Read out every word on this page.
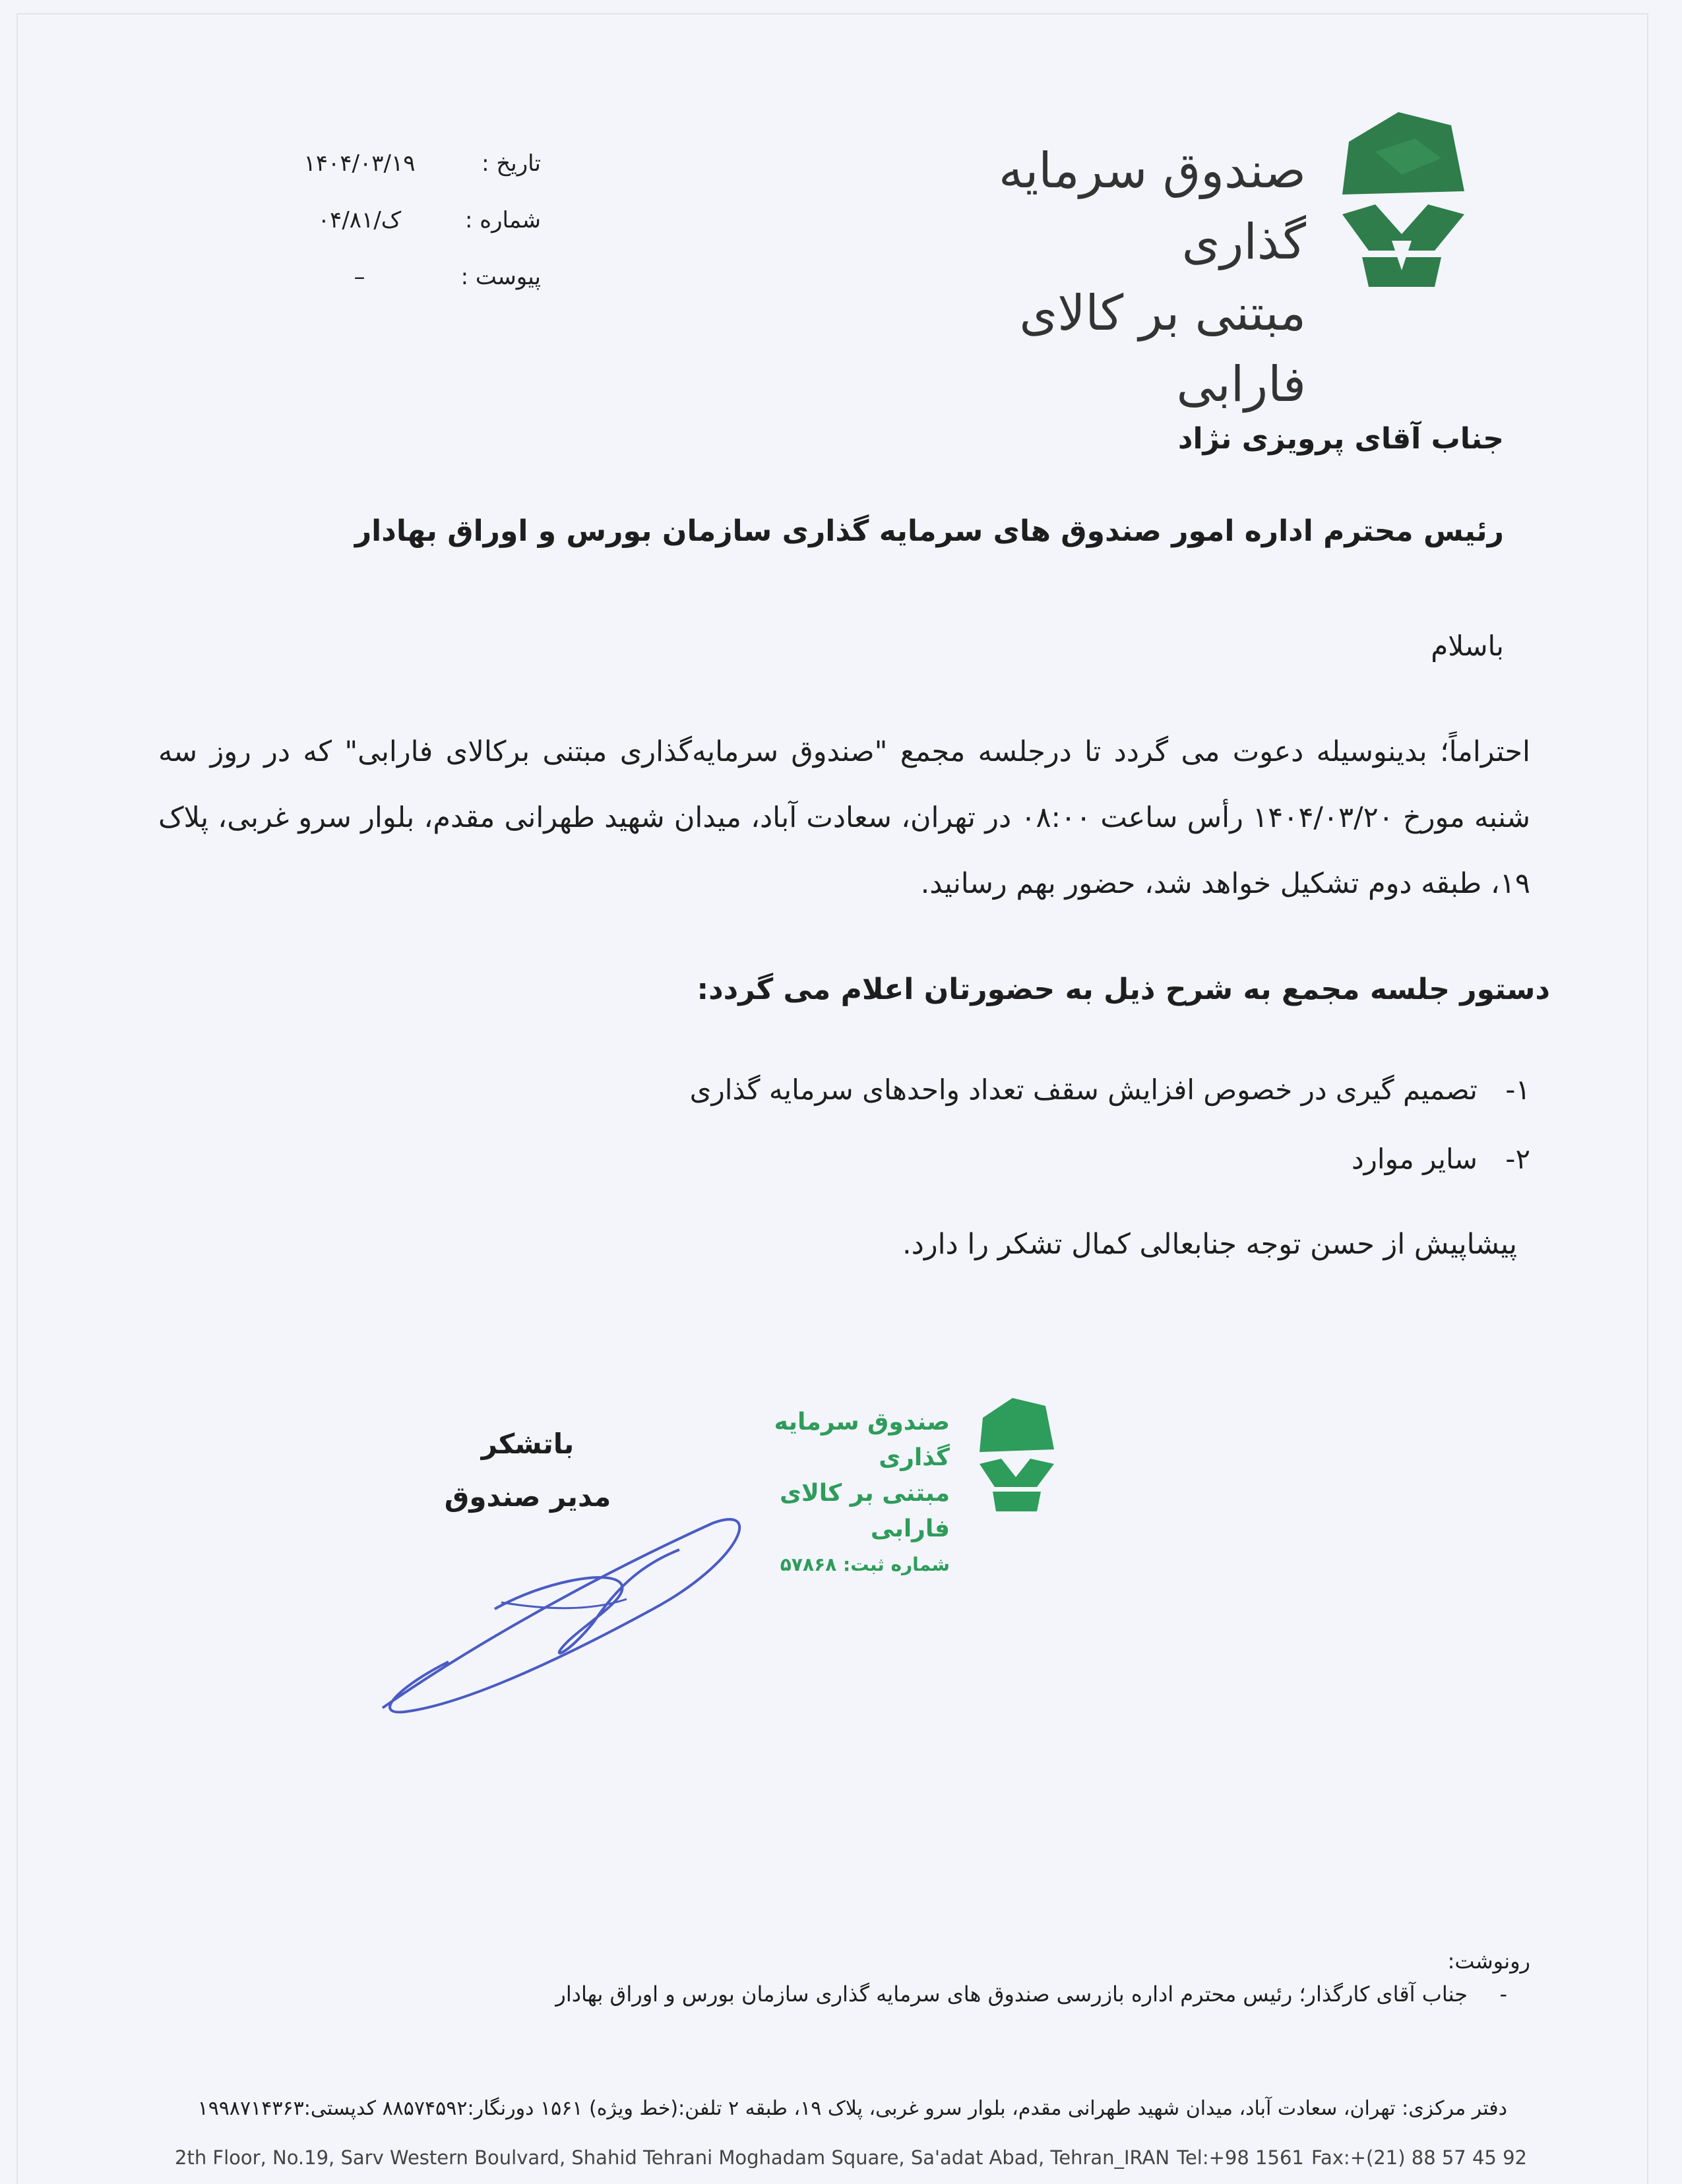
صندوق سرمایه گذاری
مبتنی بر کالای فارابی
تاریخ :
۱۴۰۴/۰۳/۱۹
شماره :
۰۴/ک/۸۱
پیوست :
–
جناب آقای پرویزی نژاد
رئیس محترم اداره امور صندوق های سرمایه گذاری سازمان بورس و اوراق بهادار
باسلام
احتراماً؛ بدینوسیله دعوت می گردد تا درجلسه مجمع "صندوق سرمایه‌گذاری مبتنی برکالای فارابی" که در روز سه شنبه مورخ ۱۴۰۴/۰۳/۲۰ رأس ساعت ۰۸:۰۰ در تهران، سعادت آباد، میدان شهید طهرانی مقدم، بلوار سرو غربی، پلاک ۱۹، طبقه دوم تشکیل خواهد شد، حضور بهم رسانید.
دستور جلسه مجمع به شرح ذیل به حضورتان اعلام می گردد:
۱-
تصمیم گیری در خصوص افزایش سقف تعداد واحدهای سرمایه گذاری
۲-
سایر موارد
پیشاپیش از حسن توجه جنابعالی کمال تشکر را دارد.
صندوق سرمایه گذاری
مبتنی بر کالای فارابی
شماره ثبت: ۵۷۸۶۸
باتشکر
مدیر صندوق
رونوشت:
-
جناب آقای کارگذار؛ رئیس محترم اداره بازرسی صندوق های سرمایه گذاری سازمان بورس و اوراق بهادار
دفتر مرکزی: تهران، سعادت آباد، میدان شهید طهرانی مقدم، بلوار سرو غربی، پلاک ۱۹، طبقه ۲ تلفن:(خط ویژه) ۱۵۶۱ دورنگار:۸۸۵۷۴۵۹۲ کدپستی:۱۹۹۸۷۱۴۳۶۳
2th Floor, No.19, Sarv Western Boulvard, Shahid Tehrani Moghadam Square, Sa'adat Abad, Tehran_IRAN Tel:+98 1561 Fax:+(21) 88 57 45 92
